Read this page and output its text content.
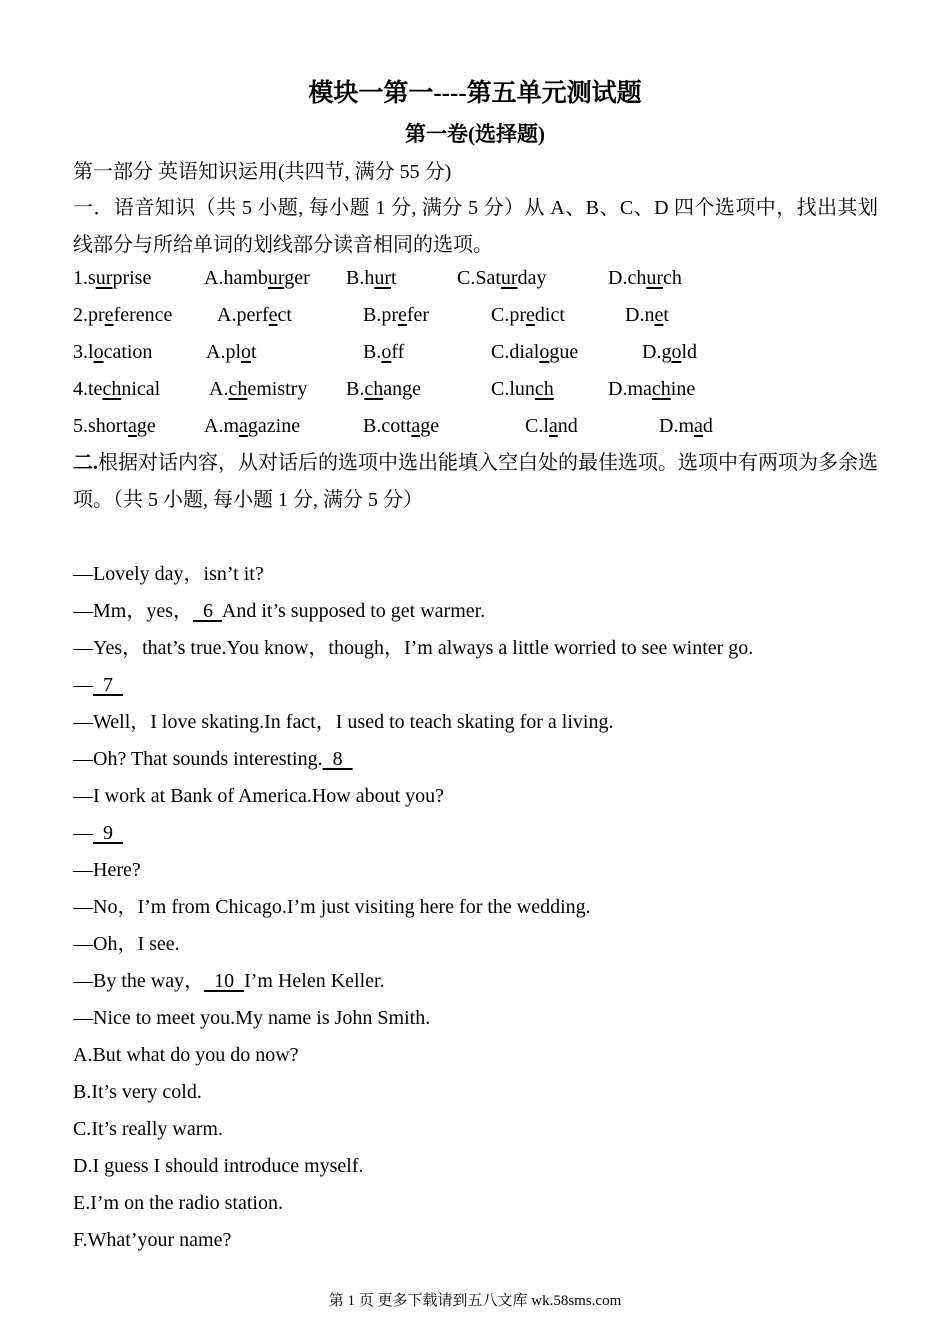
模块一第一----第五单元测试题
第一卷(选择题)
第一部分 英语知识运用(共四节, 满分 55 分)
一．语音知识（共 5 小题, 每小题 1 分, 满分 5 分）从 A、B、C、D 四个选项中，找出其划线部分与所给单词的划线部分读音相同的选项。
1.surprise	A.hamburger B.hurt	C.Saturday	D.church
2.preference A.perfect	B.prefer	C.predict	D.net
3.location	A.plot	B.off	C.dialogue	D.gold
4.technical A.chemistry B.change	C.lunch	D.machine
5.shortage A.magazine	B.cottage	C.land	D.mad
二.根据对话内容，从对话后的选项中选出能填入空白处的最佳选项。选项中有两项为多余选项。（共 5 小题, 每小题 1 分, 满分 5 分）
—Lovely day，isn’t it?
—Mm，yes，  6  And it’s supposed to get warmer.
—Yes，that’s true.You know，though，I’m always a little worried to see winter go.
—  7
—Well，I love skating.In fact，I used to teach skating for a living.
—Oh? That sounds interesting.  8
—I work at Bank of America.How about you?
—  9
—Here?
—No，I’m from Chicago.I’m just visiting here for the wedding.
—Oh，I see.
—By the way，  10  I’m Helen Keller.
—Nice to meet you.My name is John Smith.
A.But what do you do now?
B.It’s very cold.
C.It’s really warm.
D.I guess I should introduce myself.
E.I’m on the radio station.
F.What’your name?
第 1 页 更多下载请到五八文库 wk.58sms.com
